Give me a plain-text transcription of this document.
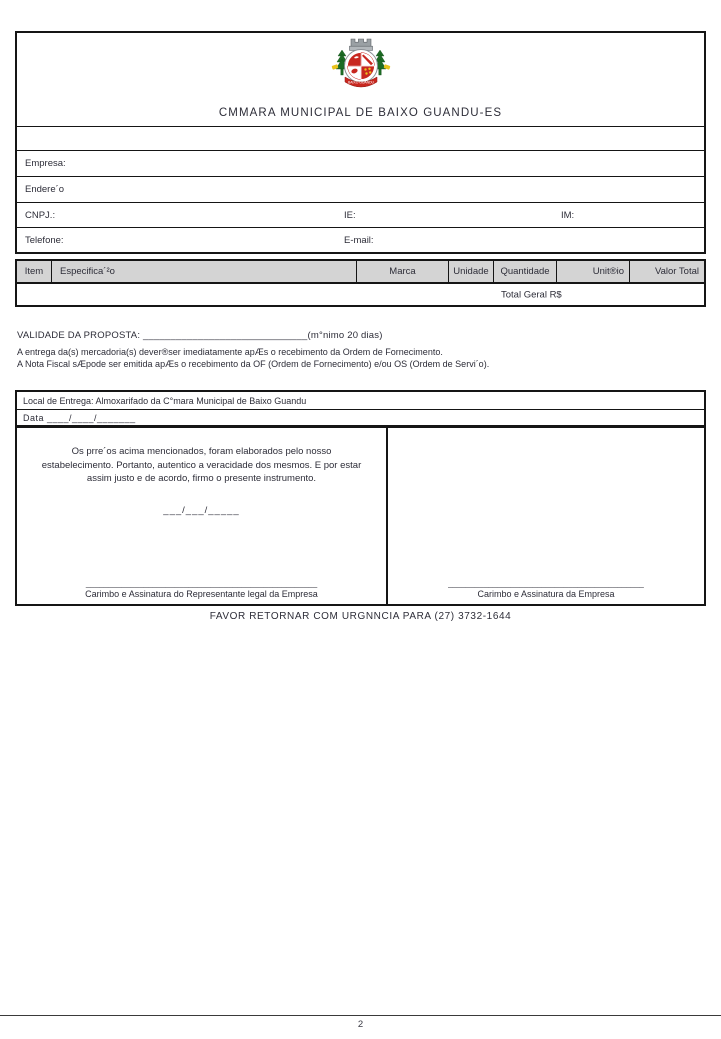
BAIXO GUANDU
CMMARA MUNICIPAL DE BAIXO GUANDU-ES
Empresa:
Endere´o
CNPJ.:	IE:	IM:
Telefone:	E-mail:
Item	Especifica´²o	Marca	Unidade	Quantidade	Unit®io	Valor Total
Total Geral R$
VALIDADE DA PROPOSTA: ______________________________(m°nimo 20 dias)
A entrega da(s) mercadoria(s) dever®ser imediatamente apÆs o recebimento da Ordem de Fornecimento.
A Nota Fiscal sÆpode ser emitida apÆs o recebimento da OF (Ordem de Fornecimento) e/ou OS (Ordem de Servi´o).
Local de Entrega: Almoxarifado da C°mara Municipal de Baixo Guandu
Data ____/____/_______
Os prre´os acima mencionados, foram elaborados pelo nosso estabelecimento. Portanto, autentico a veracidade dos mesmos. E por estar assim justo e de acordo, firmo o presente instrumento.
___/___/_____
____________________________________________________
Carimbo e Assinatura do Representante legal da Empresa
____________________________________________
Carimbo e Assinatura da Empresa
FAVOR RETORNAR COM URGNNCIA PARA (27) 3732-1644
2
